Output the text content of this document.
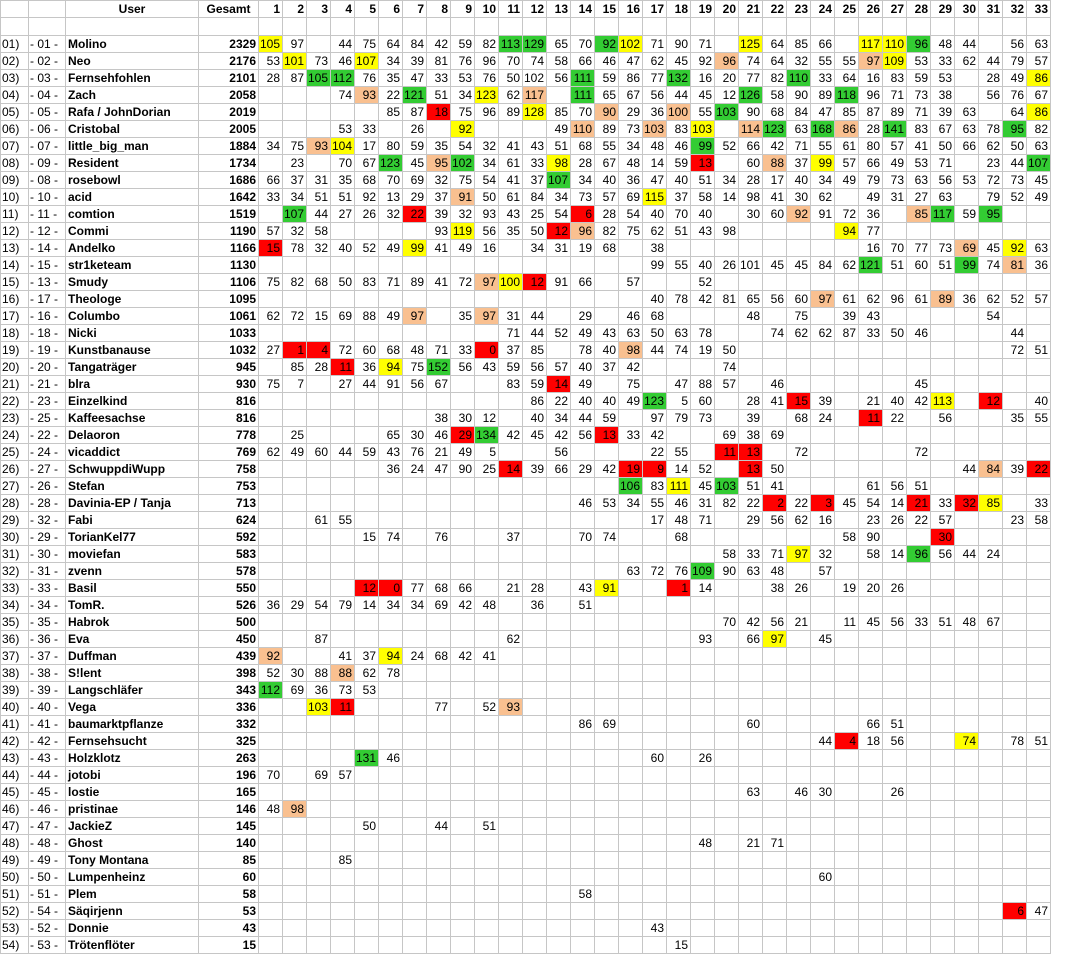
		User	Gesamt	1	2	3	4	5	6	7	8	9	10	11	12	13	14	15	16	17	18	19	20	21	22	23	24	25	26	27	28	29	30	31	32	33

01)	- 01 -	Molino	2329	105	97		44	75	64	84	42	59	82	113	129	65	70	92	102	71	90	71		125	64	85	66		117	110	96	48	44		56	63
02)	- 02 -	Neo	2176	53	101	73	46	107	34	39	81	76	96	70	74	58	66	46	47	62	45	92	96	74	64	32	55	55	97	109	53	33	62	44	79	57
03)	- 03 -	Fernsehfohlen	2101	28	87	105	112	76	35	47	33	53	76	50	102	56	111	59	86	77	132	16	20	77	82	110	33	64	16	83	59	53		28	49	86
04)	- 04 -	Zach	2058				74	93	22	121	51	34	123	62	117		111	65	67	56	44	45	12	126	58	90	89	118	96	71	73	38		56	76	67
05)	- 05 -	Rafa / JohnDorian	2019						85	87	18	75	96	89	128	85	70	90	29	36	100	55	103	90	68	84	47	85	87	89	71	39	63		64	86
06)	- 06 -	Cristobal	2005				53	33		26		92				49	110	89	73	103	83	103		114	123	63	168	86	28	141	83	67	63	78	95	82
07)	- 07 -	little_big_man	1884	34	75	93	104	17	80	59	35	54	32	41	43	51	68	55	34	48	46	99	52	66	42	71	55	61	80	57	41	50	66	62	50	63
08)	- 09 -	Resident	1734		23		70	67	123	45	95	102	34	61	33	98	28	67	48	14	59	13		60	88	37	99	57	66	49	53	71		23	44	107
09)	- 08 -	rosebowl	1686	66	37	31	35	68	70	69	32	75	54	41	37	107	34	40	36	47	40	51	34	28	17	40	34	49	79	73	63	56	53	72	73	45
10)	- 10 -	acid	1642	33	34	51	51	92	13	29	37	91	50	61	84	34	73	57	69	115	37	58	14	98	41	30	62		49	31	27	63		79	52	49
11)	- 11 -	comtion	1519		107	44	27	26	32	22	39	32	93	43	25	54	6	28	54	40	70	40		30	60	92	91	72	36		85	117	59	95		
12)	- 12 -	Commi	1190	57	32	58					93	119	56	35	50	12	96	82	75	62	51	43	98					94	77							
13)	- 14 -	Andelko	1166	15	78	32	40	52	49	99	41	49	16		34	31	19	68		38									16	70	77	73	69	45	92	63
14)	- 15 -	str1keteam	1130																	99	55	40	26	101	45	45	84	62	121	51	60	51	99	74	81	36
15)	- 13 -	Smudy	1106	75	82	68	50	83	71	89	41	72	97	100	12	91	66		57			52														
16)	- 17 -	Theologe	1095																	40	78	42	81	65	56	60	97	61	62	96	61	89	36	62	52	57
17)	- 16 -	Columbo	1061	62	72	15	69	88	49	97		35	97	31	44		29		46	68				48		75		39	43					54		
18)	- 18 -	Nicki	1033											71	44	52	49	43	63	50	63	78			74	62	62	87	33	50	46				44	
19)	- 19 -	Kunstbanause	1032	27	1	4	72	60	68	48	71	33	0	37	85		78	40	98	44	74	19	50												72	51
20)	- 20 -	Tangaträger	945		85	28	11	36	94	75	152	56	43	59	56	57	40	37	42				74													
21)	- 21 -	blra	930	75	7		27	44	91	56	67			83	59	14	49		75		47	88	57		46						45					
22)	- 23 -	Einzelkind	816												86	22	40	40	49	123	5	60		28	41	15	39		21	40	42	113		12		40
23)	- 25 -	Kaffeesachse	816								38	30	12		40	34	44	59		97	79	73		39		68	24		11	22		56			35	55
24)	- 22 -	Delaoron	778		25				65	30	46	29	134	42	45	42	56	13	33	42			69	38	69											
25)	- 24 -	vicaddict	769	62	49	60	44	59	43	76	21	49	5			56				22	55		11	13		72					72					
26)	- 27 -	SchwuppdiWupp	758						36	24	47	90	25	14	39	66	29	42	19	9	14	52		13	50								44	84	39	22
27)	- 26 -	Stefan	753																106	83	111	45	103	51	41				61	56	51					
28)	- 28 -	Davinia-EP / Tanja	713														46	53	34	55	46	31	82	22	2	22	3	45	54	14	21	33	32	85		33
29)	- 32 -	Fabi	624			61	55													17	48	71		29	56	62	16		23	26	22	57			23	58
30)	- 29 -	TorianKel77	592					15	74		76			37			70	74			68							58	90			30				
31)	- 30 -	moviefan	583																				58	33	71	97	32		58	14	96	56	44	24		
32)	- 31 -	zvenn	578																63	72	76	109	90	63	48		57									
33)	- 33 -	Basil	550					12	0	77	68	66		21	28		43	91			1	14			38	26		19	20	26						
34)	- 34 -	TomR.	526	36	29	54	79	14	34	34	69	42	48		36		51																			
35)	- 35 -	Habrok	500																				70	42	56	21		11	45	56	33	51	48	67		
36)	- 36 -	Eva	450			87								62								93		66	97		45									
37)	- 37 -	Duffman	439	92			41	37	94	24	68	42	41																							
38)	- 38 -	S!lent	398	52	30	88	88	62	78																											
39)	- 39 -	Langschläfer	343	112	69	36	73	53																												
40)	- 40 -	Vega	336			103	11				77		52	93																						
41)	- 41 -	baumarktpflanze	332														86	69						60					66	51						
42)	- 42 -	Fernsehsucht	325																								44	4	18	56			74		78	51
43)	- 43 -	Holzklotz	263					131	46											60		26														
44)	- 44 -	jotobi	196	70		69	57																													
45)	- 45 -	lostie	165																					63		46	30			26						
46)	- 46 -	pristinae	146	48	98																															
47)	- 47 -	JackieZ	145					50			44		51																							
48)	- 48 -	Ghost	140																			48		21	71											
49)	- 49 -	Tony Montana	85				85																													
50)	- 50 -	Lumpenheinz	60																								60									
51)	- 51 -	Plem	58														58																			
52)	- 54 -	Säqirjenn	53																																6	47
53)	- 52 -	Donnie	43																	43																
54)	- 53 -	Trötenflöter	15																		15															
